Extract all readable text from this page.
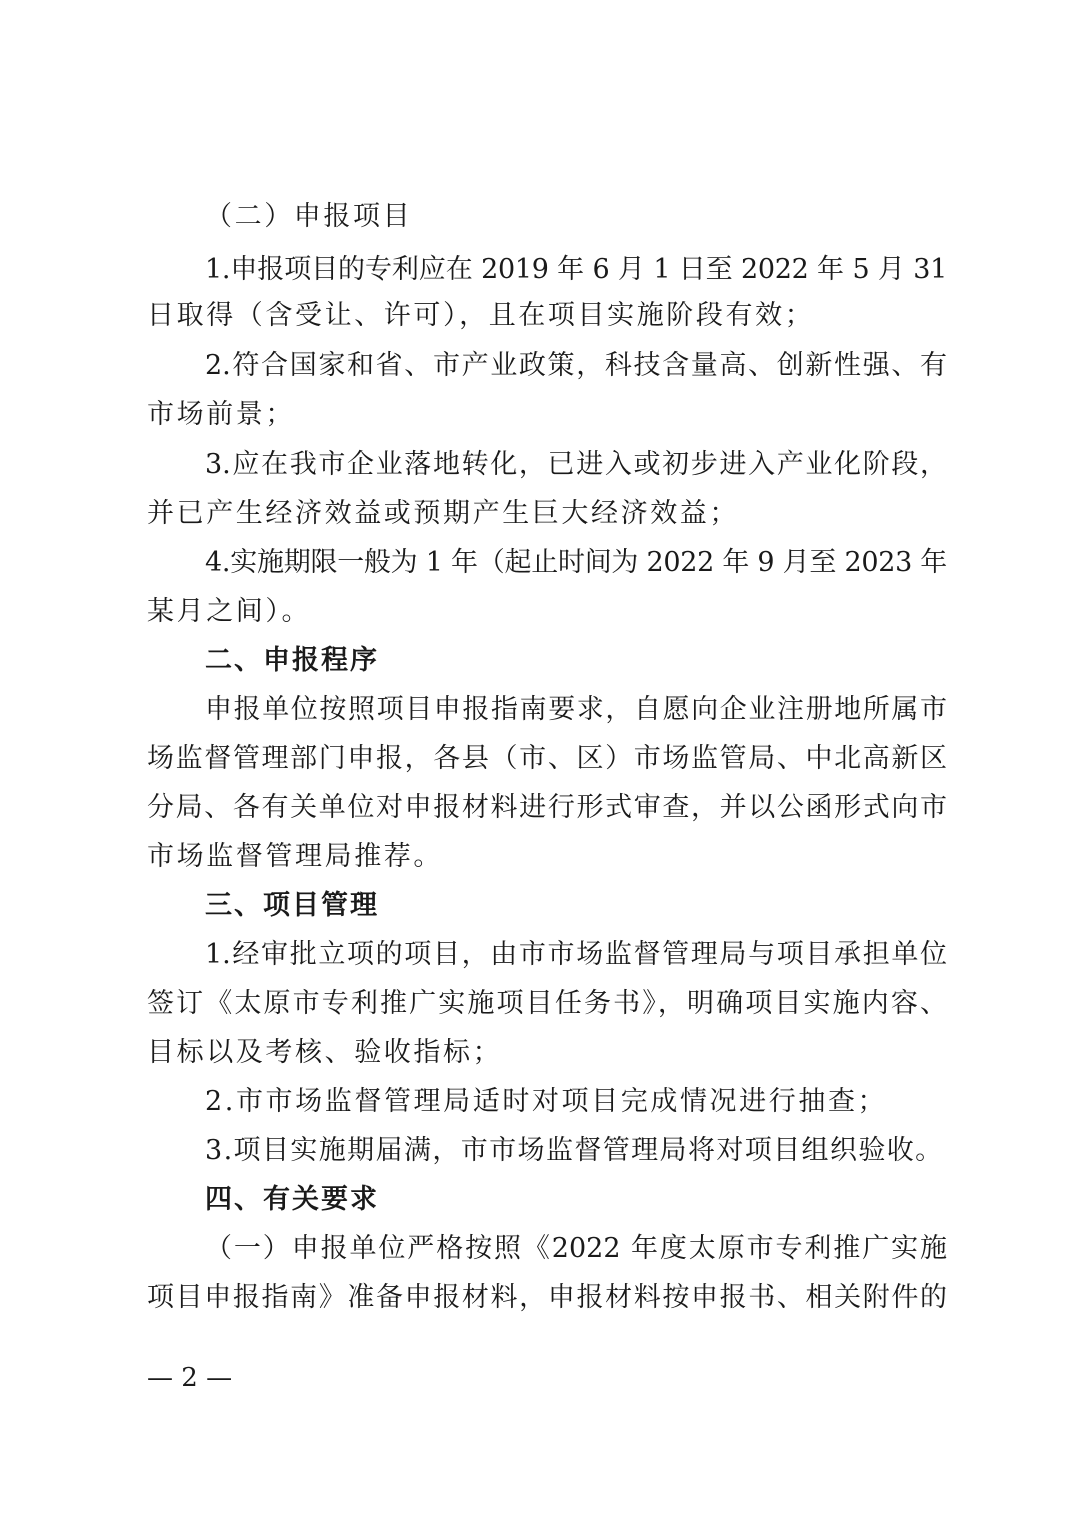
（二）申报项目
1.申报项目的专利应在 2019 年 6 月 1 日至 2022 年 5 月 31
日取得（含受让、许可），且在项目实施阶段有效；
2.符合国家和省、市产业政策，科技含量高、创新性强、有
市场前景；
3.应在我市企业落地转化，已进入或初步进入产业化阶段，
并已产生经济效益或预期产生巨大经济效益；
4.实施期限一般为 1 年（起止时间为 2022 年 9 月至 2023 年
某月之间）。
二、申报程序
申报单位按照项目申报指南要求，自愿向企业注册地所属市
场监督管理部门申报，各县（市、区）市场监管局、中北高新区
分局、各有关单位对申报材料进行形式审查，并以公函形式向市
市场监督管理局推荐。
三、项目管理
1.经审批立项的项目，由市市场监督管理局与项目承担单位
签订《太原市专利推广实施项目任务书》，明确项目实施内容、
目标以及考核、验收指标；
2.市市场监督管理局适时对项目完成情况进行抽查；
3.项目实施期届满，市市场监督管理局将对项目组织验收。
四、有关要求
（一）申报单位严格按照《2022 年度太原市专利推广实施
项目申报指南》准备申报材料，申报材料按申报书、相关附件的
— 2 —
